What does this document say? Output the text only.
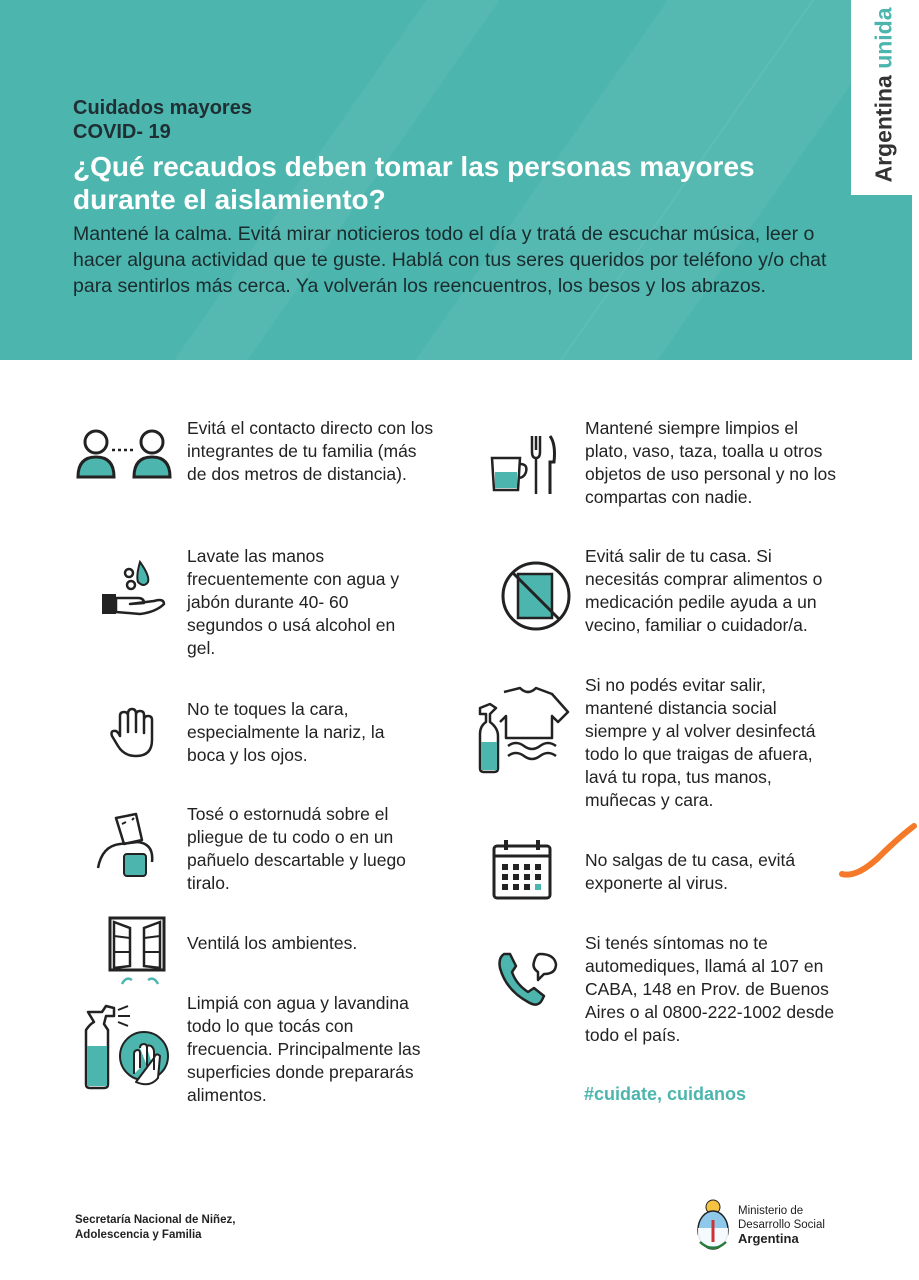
Argentina unida
Cuidados mayores
COVID- 19
¿Qué recaudos deben tomar las personas mayores durante el aislamiento?
Mantené la calma. Evitá mirar noticieros todo el día y tratá de escuchar música, leer o hacer alguna actividad que te guste. Hablá con tus seres queridos por teléfono y/o chat para sentirlos más cerca. Ya volverán los reencuentros, los besos y los abrazos.
Evitá el contacto directo con los integrantes de tu familia (más de dos metros de distancia).
Lavate las manos frecuentemente con agua y jabón durante 40- 60 segundos o usá alcohol en gel.
No te toques la cara, especialmente la nariz, la boca y los ojos.
Tosé o estornudá sobre el pliegue de tu codo o en un pañuelo descartable y luego tiralo.
Ventilá los ambientes.
Limpiá con agua y lavandina todo lo que tocás con frecuencia. Principalmente las superficies donde prepararás alimentos.
Mantené siempre limpios el plato, vaso, taza, toalla u otros objetos de uso personal y no los compartas con nadie.
Evitá salir de tu casa. Si necesitás comprar alimentos o medicación pedile ayuda a un vecino, familiar o cuidador/a.
Si no podés evitar salir, mantené distancia social siempre y al volver desinfectá todo lo que traigas de afuera, lavá tu ropa, tus manos, muñecas y cara.
No salgas de tu casa, evitá exponerte al virus.
Si tenés síntomas no te automediques, llamá al 107 en CABA, 148 en Prov. de Buenos Aires o al 0800-222-1002 desde todo el país.
#cuidate, cuidanos
Secretaría Nacional de Niñez, Adolescencia y Familia
Ministerio de
Desarrollo Social
Argentina
